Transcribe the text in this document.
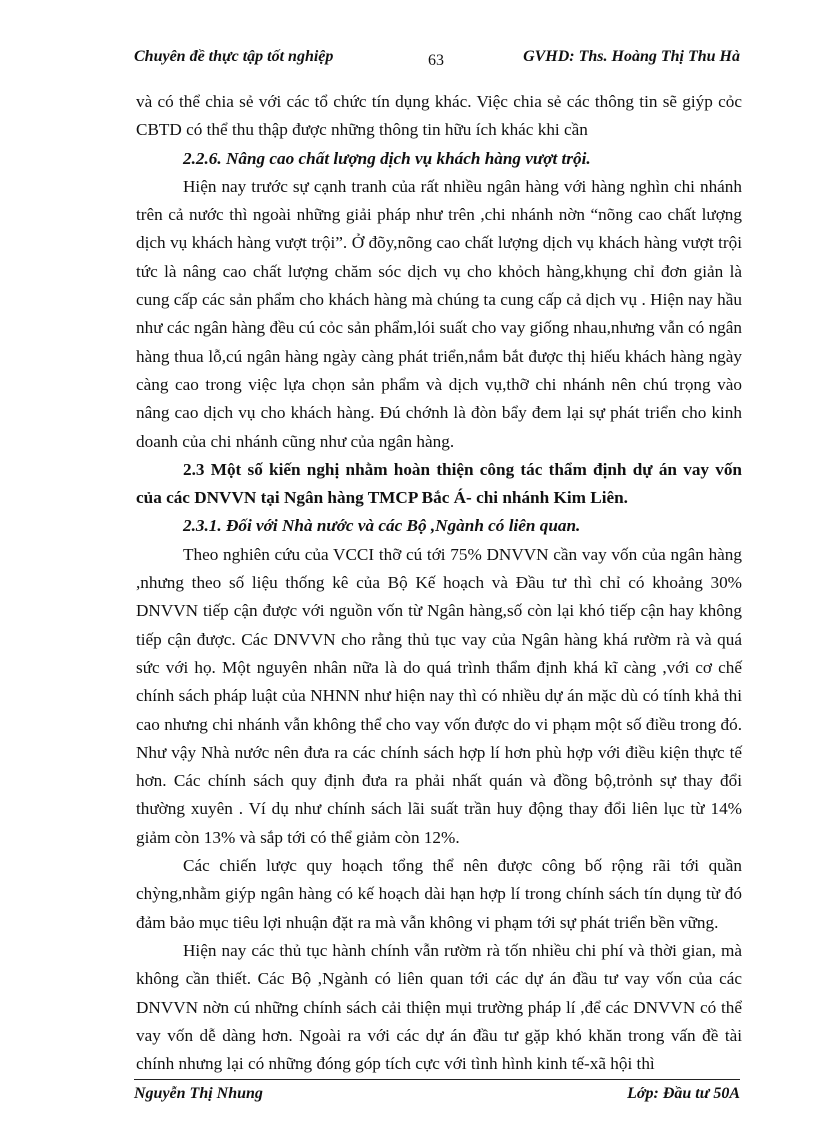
Chuyên đề thực tập tốt nghiệp	63	GVHD: Ths. Hoàng Thị Thu Hà

và có thể chia sẻ với các tổ chức tín dụng khác. Việc chia sẻ các thông tin sẽ giýp cỏc CBTD có thể thu thập được những thông tin hữu ích khác khi cần

2.2.6. Nâng cao chất lượng dịch vụ khách hàng vượt trội.

Hiện nay trước sự cạnh tranh của rất nhiều ngân hàng với hàng nghìn chi nhánh trên cả nước thì ngoài những giải pháp như trên ,chi nhánh nờn “nõng cao chất lượng dịch vụ khách hàng vượt trội”. Ở đõy,nõng cao chất lượng dịch vụ khách hàng vượt trội tức là nâng cao chất lượng chăm sóc dịch vụ cho khỏch hàng,khụng chỉ đơn giản là cung cấp các sản phẩm cho khách hàng mà chúng ta cung cấp cả dịch vụ . Hiện nay hầu như các ngân hàng đều cú cỏc sản phẩm,lói suất cho vay giống nhau,nhưng vẫn có ngân hàng thua lỗ,cú ngân hàng ngày càng phát triển,nắm bắt được thị hiếu khách hàng ngày càng cao trong việc lựa chọn sản phẩm và dịch vụ,thỡ chi nhánh nên chú trọng vào nâng cao dịch vụ cho khách hàng. Đú chớnh là đòn bẩy đem lại sự phát triển cho kinh doanh của chi nhánh cũng như của ngân hàng.

2.3 Một số kiến nghị nhằm hoàn thiện công tác thẩm định dự án vay vốn của các DNVVN tại Ngân hàng TMCP Bắc Á- chi nhánh Kim Liên.

2.3.1. Đối với Nhà nước và các Bộ ,Ngành có liên quan.

Theo nghiên cứu của VCCI thỡ cú tới 75% DNVVN cần vay vốn của ngân hàng ,nhưng theo số liệu thống kê của Bộ Kế hoạch và Đầu tư thì chỉ có khoảng 30% DNVVN tiếp cận được với nguồn vốn từ Ngân hàng,số còn lại khó tiếp cận hay không tiếp cận được. Các DNVVN cho rằng thủ tục vay của Ngân hàng khá rườm rà và quá sức với họ. Một nguyên nhân nữa là do quá trình thẩm định khá kĩ càng ,với cơ chế chính sách pháp luật của NHNN như hiện nay thì có nhiều dự án mặc dù có tính khả thi cao nhưng chi nhánh vẫn không thể cho vay vốn được do vi phạm một số điều trong đó. Như vậy Nhà nước nên đưa ra các chính sách hợp lí hơn phù hợp với điều kiện thực tế hơn. Các chính sách quy định đưa ra phải nhất quán và đồng bộ,trỏnh sự thay đổi thường xuyên . Ví dụ như chính sách lãi suất trần huy động thay đổi liên lục từ 14% giảm còn 13% và sắp tới có thể giảm còn 12%.

Các chiến lược quy hoạch tổng thể nên được công bố rộng rãi tới quần chỳng,nhằm giýp ngân hàng có kế hoạch dài hạn hợp lí trong chính sách tín dụng từ đó đảm bảo mục tiêu lợi nhuận đặt ra mà vẫn không vi phạm tới sự phát triển bền vững.

Hiện nay các thủ tục hành chính vẫn rườm rà tốn nhiều chi phí và thời gian, mà không cần thiết. Các Bộ ,Ngành có liên quan tới các dự án đầu tư vay vốn của các DNVVN nờn cú những chính sách cải thiện mụi trường pháp lí ,để các DNVVN có thể vay vốn dễ dàng hơn. Ngoài ra với các dự án đầu tư gặp khó khăn trong vấn đề tài chính nhưng lại có những đóng góp tích cực với tình hình kinh tế-xã hội thì

Nguyễn Thị Nhung	Lớp: Đầu tư 50A
